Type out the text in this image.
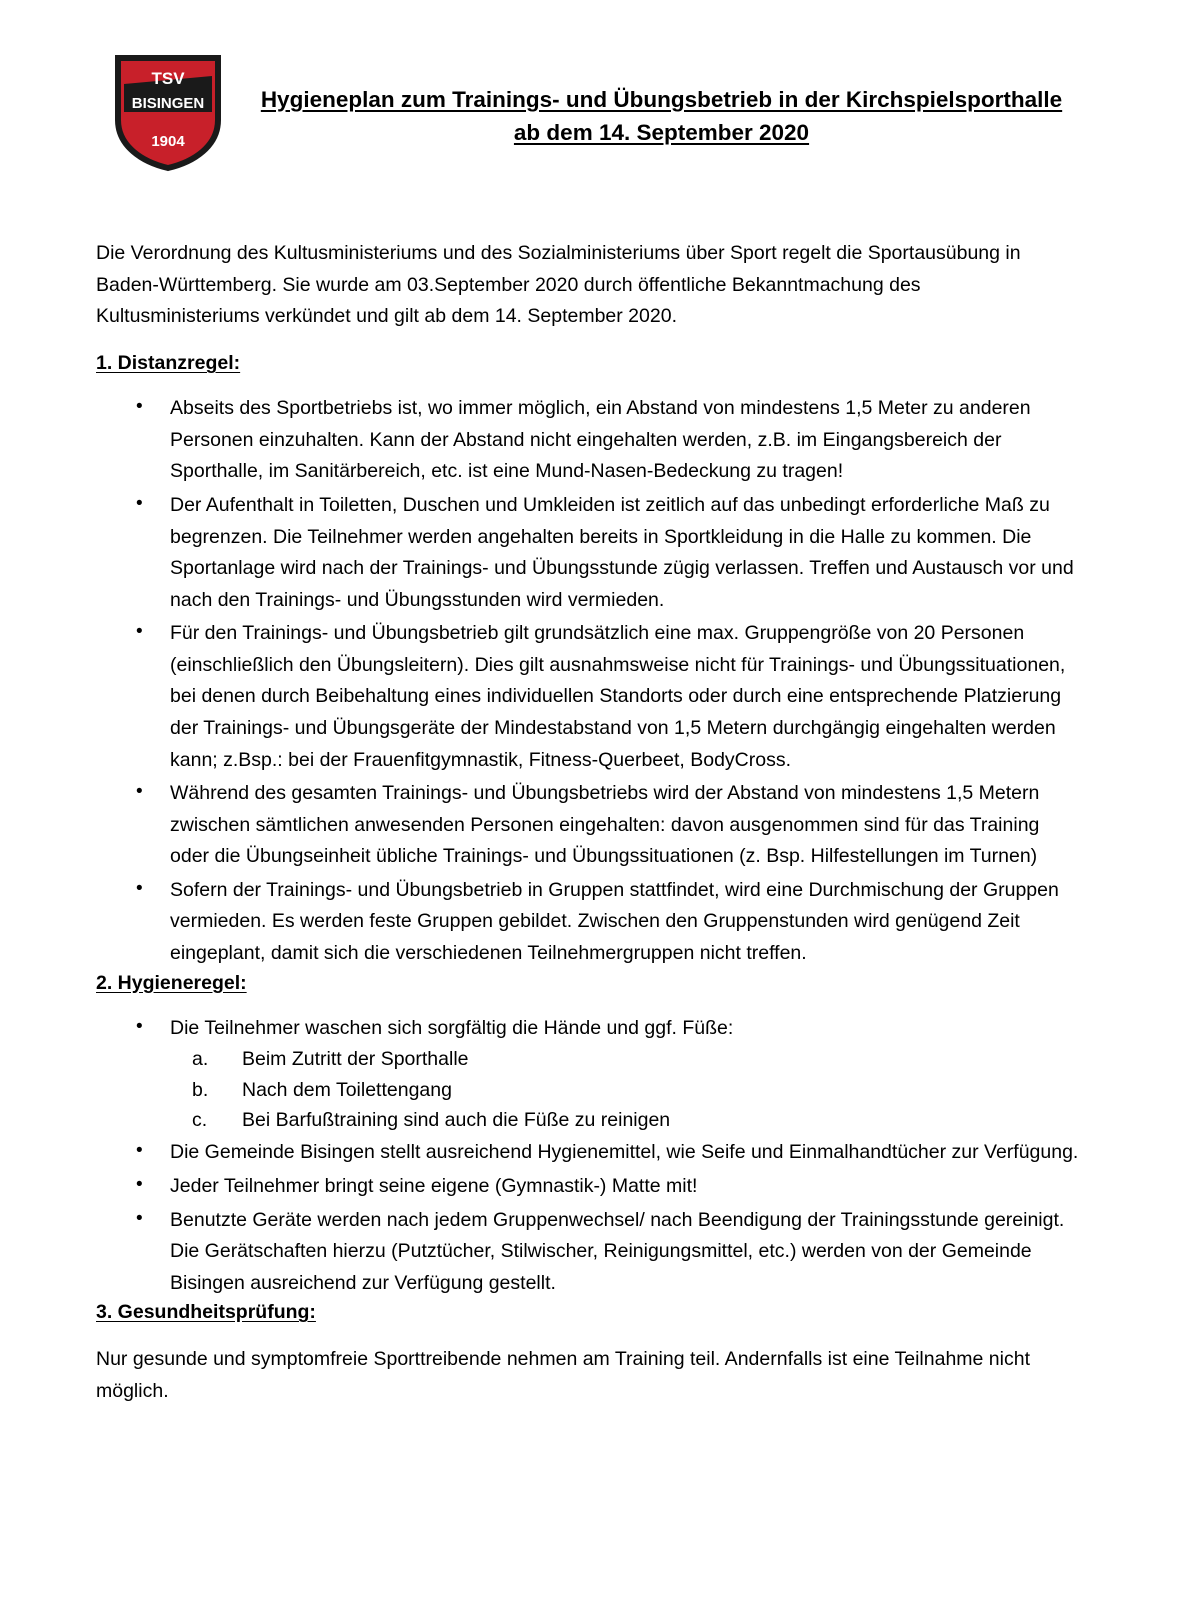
TSV
BISINGEN
1904
Hygieneplan zum Trainings- und Übungsbetrieb in der Kirchspielsporthalle ab dem 14. September 2020

Die Verordnung des Kultusministeriums und des Sozialministeriums über Sport regelt die Sportausübung in Baden-Württemberg. Sie wurde am 03.September 2020 durch öffentliche Bekanntmachung des Kultusministeriums verkündet und gilt ab dem 14. September 2020.

1. Distanzregel:
• Abseits des Sportbetriebs ist, wo immer möglich, ein Abstand von mindestens 1,5 Meter zu anderen Personen einzuhalten. Kann der Abstand nicht eingehalten werden, z.B. im Eingangsbereich der Sporthalle, im Sanitärbereich, etc. ist eine Mund-Nasen-Bedeckung zu tragen!
• Der Aufenthalt in Toiletten, Duschen und Umkleiden ist zeitlich auf das unbedingt erforderliche Maß zu begrenzen. Die Teilnehmer werden angehalten bereits in Sportkleidung in die Halle zu kommen. Die Sportanlage wird nach der Trainings- und Übungsstunde zügig verlassen. Treffen und Austausch vor und nach den Trainings- und Übungsstunden wird vermieden.
• Für den Trainings- und Übungsbetrieb gilt grundsätzlich eine max. Gruppengröße von 20 Personen (einschließlich den Übungsleitern). Dies gilt ausnahmsweise nicht für Trainings- und Übungssituationen, bei denen durch Beibehaltung eines individuellen Standorts oder durch eine entsprechende Platzierung der Trainings- und Übungsgeräte der Mindestabstand von 1,5 Metern durchgängig eingehalten werden kann; z.Bsp.: bei der Frauenfitgymnastik, Fitness-Querbeet, BodyCross.
• Während des gesamten Trainings- und Übungsbetriebs wird der Abstand von mindestens 1,5 Metern zwischen sämtlichen anwesenden Personen eingehalten: davon ausgenommen sind für das Training oder die Übungseinheit übliche Trainings- und Übungssituationen (z. Bsp. Hilfestellungen im Turnen)
• Sofern der Trainings- und Übungsbetrieb in Gruppen stattfindet, wird eine Durchmischung der Gruppen vermieden. Es werden feste Gruppen gebildet. Zwischen den Gruppenstunden wird genügend Zeit eingeplant, damit sich die verschiedenen Teilnehmergruppen nicht treffen.
2. Hygieneregel:
• Die Teilnehmer waschen sich sorgfältig die Hände und ggf. Füße:
a. Beim Zutritt der Sporthalle
b. Nach dem Toilettengang
c. Bei Barfußtraining sind auch die Füße zu reinigen
• Die Gemeinde Bisingen stellt ausreichend Hygienemittel, wie Seife und Einmalhandtücher zur Verfügung.
• Jeder Teilnehmer bringt seine eigene (Gymnastik-) Matte mit!
• Benutzte Geräte werden nach jedem Gruppenwechsel/ nach Beendigung der Trainingsstunde gereinigt. Die Gerätschaften hierzu (Putztücher, Stilwischer, Reinigungsmittel, etc.) werden von der Gemeinde Bisingen ausreichend zur Verfügung gestellt.
3. Gesundheitsprüfung:

Nur gesunde und symptomfreie Sporttreibende nehmen am Training teil. Andernfalls ist eine Teilnahme nicht möglich.
